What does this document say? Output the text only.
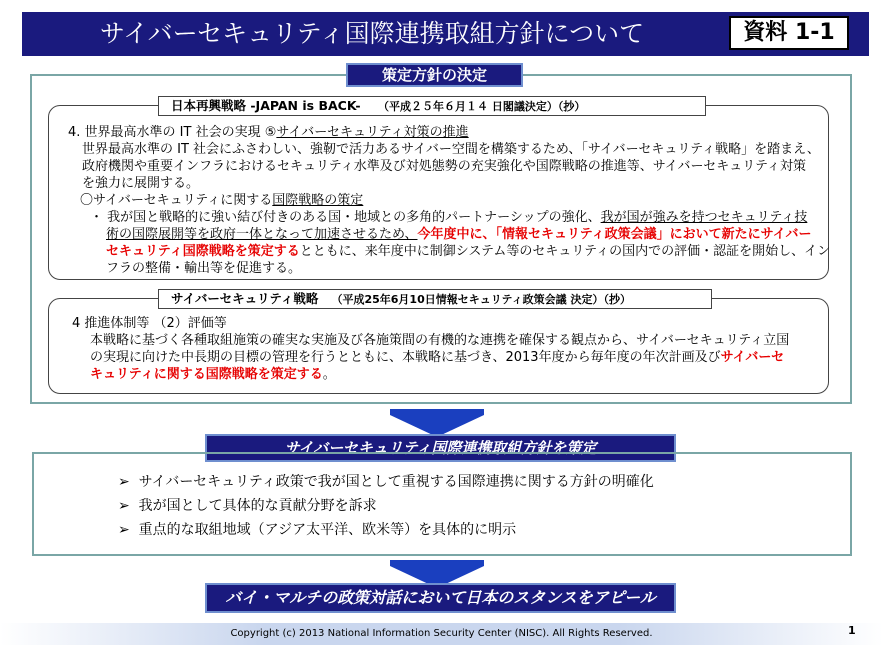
サイバーセキュリティ国際連携取組方針について	資料 1-1
策定方針の決定
日本再興戦略 -JAPAN is BACK- （平成２５年６月１４ 日閣議決定）（抄）
4. 世界最高水準の IT 社会の実現 ⑤サイバーセキュリティ対策の推進
世界最高水準の IT 社会にふさわしい、強靭で活力あるサイバー空間を構築するため、「サイバーセキュリティ戦略」を踏まえ、
政府機関や重要インフラにおけるセキュリティ水準及び対処態勢の充実強化や国際戦略の推進等、サイバーセキュリティ対策
を強力に展開する。
〇サイバーセキュリティに関する国際戦略の策定
・ 我が国と戦略的に強い結び付きのある国・地域との多角的パートナーシップの強化、我が国が強みを持つセキュリティ技
術の国際展開等を政府一体となって加速させるため、今年度中に、「情報セキュリティ政策会議」において新たにサイバー
セキュリティ国際戦略を策定するとともに、来年度中に制御システム等のセキュリティの国内での評価・認証を開始し、イン
フラの整備・輸出等を促進する。
サイバーセキュリティ戦略 （平成25年6月10日情報セキュリティ政策会議 決定）（抄）
4 推進体制等 （2）評価等
本戦略に基づく各種取組施策の確実な実施及び各施策間の有機的な連携を確保する観点から、サイバーセキュリティ立国
の実現に向けた中長期の目標の管理を行うとともに、本戦略に基づき、2013年度から毎年度の年次計画及びサイバーセ
キュリティに関する国際戦略を策定する。
サイバーセキュリティ国際連携取組方針を策定
➢ サイバーセキュリティ政策で我が国として重視する国際連携に関する方針の明確化
➢ 我が国として具体的な貢献分野を訴求
➢ 重点的な取組地域（アジア太平洋、欧米等）を具体的に明示
バイ・マルチの政策対話において日本のスタンスをアピール
Copyright (c) 2013 National Information Security Center (NISC). All Rights Reserved.	1
